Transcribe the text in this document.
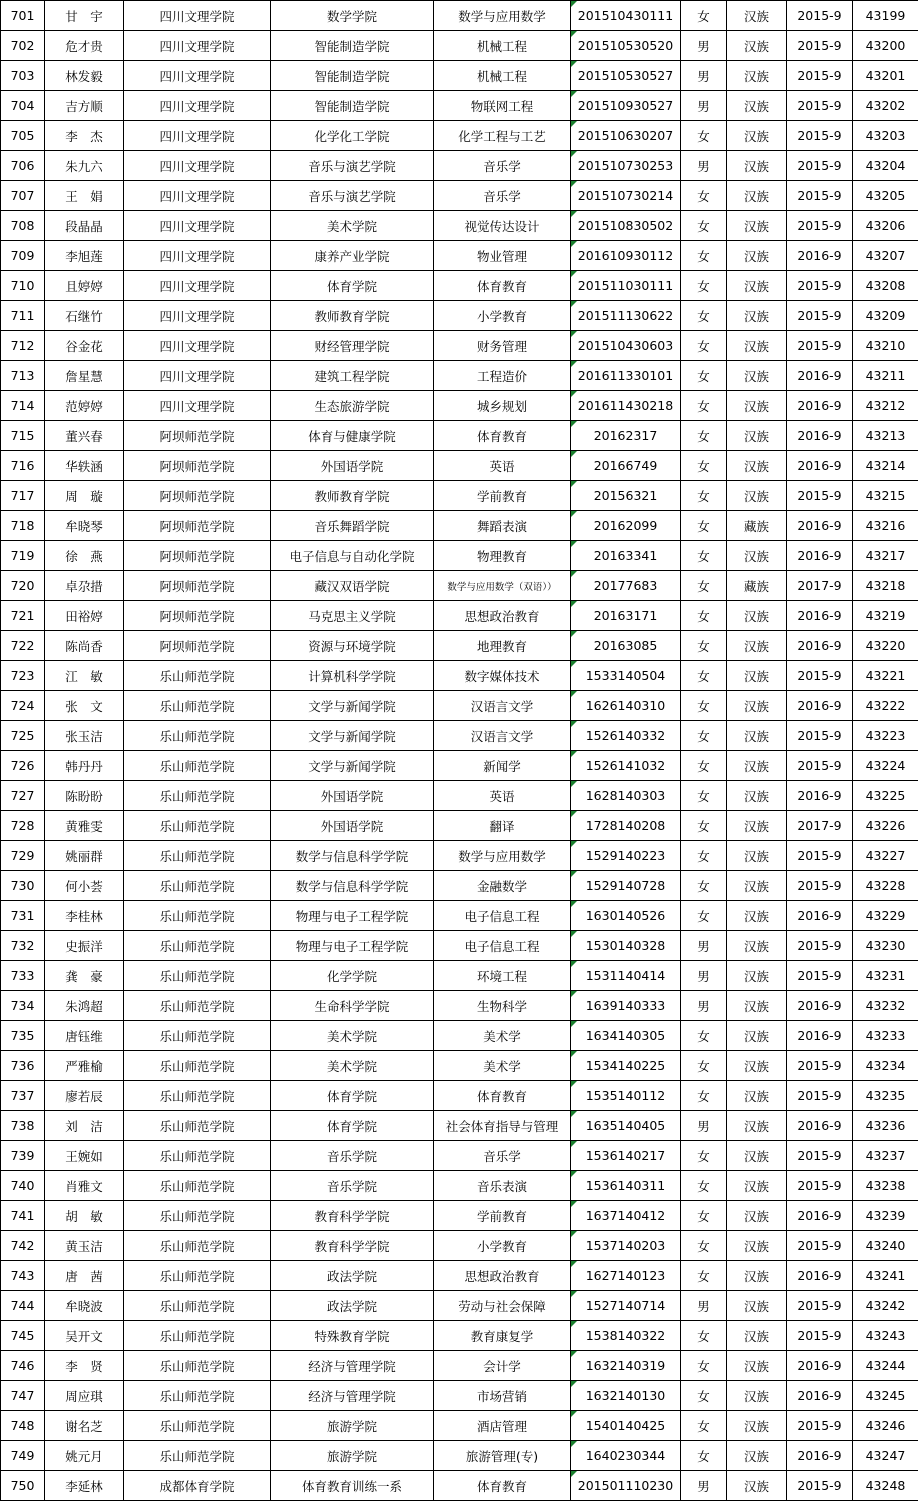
701	甘　宇	四川文理学院	数学学院	数学与应用数学	201510430111	女	汉族	2015-9	43199
702	危才贵	四川文理学院	智能制造学院	机械工程	201510530520	男	汉族	2015-9	43200
703	林发毅	四川文理学院	智能制造学院	机械工程	201510530527	男	汉族	2015-9	43201
704	吉方顺	四川文理学院	智能制造学院	物联网工程	201510930527	男	汉族	2015-9	43202
705	李　杰	四川文理学院	化学化工学院	化学工程与工艺	201510630207	女	汉族	2015-9	43203
706	朱九六	四川文理学院	音乐与演艺学院	音乐学	201510730253	男	汉族	2015-9	43204
707	王　娟	四川文理学院	音乐与演艺学院	音乐学	201510730214	女	汉族	2015-9	43205
708	段晶晶	四川文理学院	美术学院	视觉传达设计	201510830502	女	汉族	2015-9	43206
709	李旭莲	四川文理学院	康养产业学院	物业管理	201610930112	女	汉族	2016-9	43207
710	且婷婷	四川文理学院	体育学院	体育教育	201511030111	女	汉族	2015-9	43208
711	石继竹	四川文理学院	教师教育学院	小学教育	201511130622	女	汉族	2015-9	43209
712	谷金花	四川文理学院	财经管理学院	财务管理	201510430603	女	汉族	2015-9	43210
713	詹星慧	四川文理学院	建筑工程学院	工程造价	201611330101	女	汉族	2016-9	43211
714	范婷婷	四川文理学院	生态旅游学院	城乡规划	201611430218	女	汉族	2016-9	43212
715	董兴春	阿坝师范学院	体育与健康学院	体育教育	20162317	女	汉族	2016-9	43213
716	华轶涵	阿坝师范学院	外国语学院	英语	20166749	女	汉族	2016-9	43214
717	周　璇	阿坝师范学院	教师教育学院	学前教育	20156321	女	汉族	2015-9	43215
718	牟晓琴	阿坝师范学院	音乐舞蹈学院	舞蹈表演	20162099	女	藏族	2016-9	43216
719	徐　燕	阿坝师范学院	电子信息与自动化学院	物理教育	20163341	女	汉族	2016-9	43217
720	卓尕措	阿坝师范学院	藏汉双语学院	数学与应用数学（双语））	20177683	女	藏族	2017-9	43218
721	田裕婷	阿坝师范学院	马克思主义学院	思想政治教育	20163171	女	汉族	2016-9	43219
722	陈尚香	阿坝师范学院	资源与环境学院	地理教育	20163085	女	汉族	2016-9	43220
723	江　敏	乐山师范学院	计算机科学学院	数字媒体技术	1533140504	女	汉族	2015-9	43221
724	张　文	乐山师范学院	文学与新闻学院	汉语言文学	1626140310	女	汉族	2016-9	43222
725	张玉洁	乐山师范学院	文学与新闻学院	汉语言文学	1526140332	女	汉族	2015-9	43223
726	韩丹丹	乐山师范学院	文学与新闻学院	新闻学	1526141032	女	汉族	2015-9	43224
727	陈盼盼	乐山师范学院	外国语学院	英语	1628140303	女	汉族	2016-9	43225
728	黄雅雯	乐山师范学院	外国语学院	翻译	1728140208	女	汉族	2017-9	43226
729	姚丽群	乐山师范学院	数学与信息科学学院	数学与应用数学	1529140223	女	汉族	2015-9	43227
730	何小荟	乐山师范学院	数学与信息科学学院	金融数学	1529140728	女	汉族	2015-9	43228
731	李桂林	乐山师范学院	物理与电子工程学院	电子信息工程	1630140526	女	汉族	2016-9	43229
732	史振洋	乐山师范学院	物理与电子工程学院	电子信息工程	1530140328	男	汉族	2015-9	43230
733	龚　豪	乐山师范学院	化学学院	环境工程	1531140414	男	汉族	2015-9	43231
734	朱鸿超	乐山师范学院	生命科学学院	生物科学	1639140333	男	汉族	2016-9	43232
735	唐钰维	乐山师范学院	美术学院	美术学	1634140305	女	汉族	2016-9	43233
736	严雅榆	乐山师范学院	美术学院	美术学	1534140225	女	汉族	2015-9	43234
737	廖若辰	乐山师范学院	体育学院	体育教育	1535140112	女	汉族	2015-9	43235
738	刘　洁	乐山师范学院	体育学院	社会体育指导与管理	1635140405	男	汉族	2016-9	43236
739	王婉如	乐山师范学院	音乐学院	音乐学	1536140217	女	汉族	2015-9	43237
740	肖雅文	乐山师范学院	音乐学院	音乐表演	1536140311	女	汉族	2015-9	43238
741	胡　敏	乐山师范学院	教育科学学院	学前教育	1637140412	女	汉族	2016-9	43239
742	黄玉洁	乐山师范学院	教育科学学院	小学教育	1537140203	女	汉族	2015-9	43240
743	唐　茜	乐山师范学院	政法学院	思想政治教育	1627140123	女	汉族	2016-9	43241
744	牟晓波	乐山师范学院	政法学院	劳动与社会保障	1527140714	男	汉族	2015-9	43242
745	吴开文	乐山师范学院	特殊教育学院	教育康复学	1538140322	女	汉族	2015-9	43243
746	李　贤	乐山师范学院	经济与管理学院	会计学	1632140319	女	汉族	2016-9	43244
747	周应琪	乐山师范学院	经济与管理学院	市场营销	1632140130	女	汉族	2016-9	43245
748	谢名芝	乐山师范学院	旅游学院	酒店管理	1540140425	女	汉族	2015-9	43246
749	姚元月	乐山师范学院	旅游学院	旅游管理(专)	1640230344	女	汉族	2016-9	43247
750	李延林	成都体育学院	体育教育训练一系	体育教育	201501110230	男	汉族	2015-9	43248
